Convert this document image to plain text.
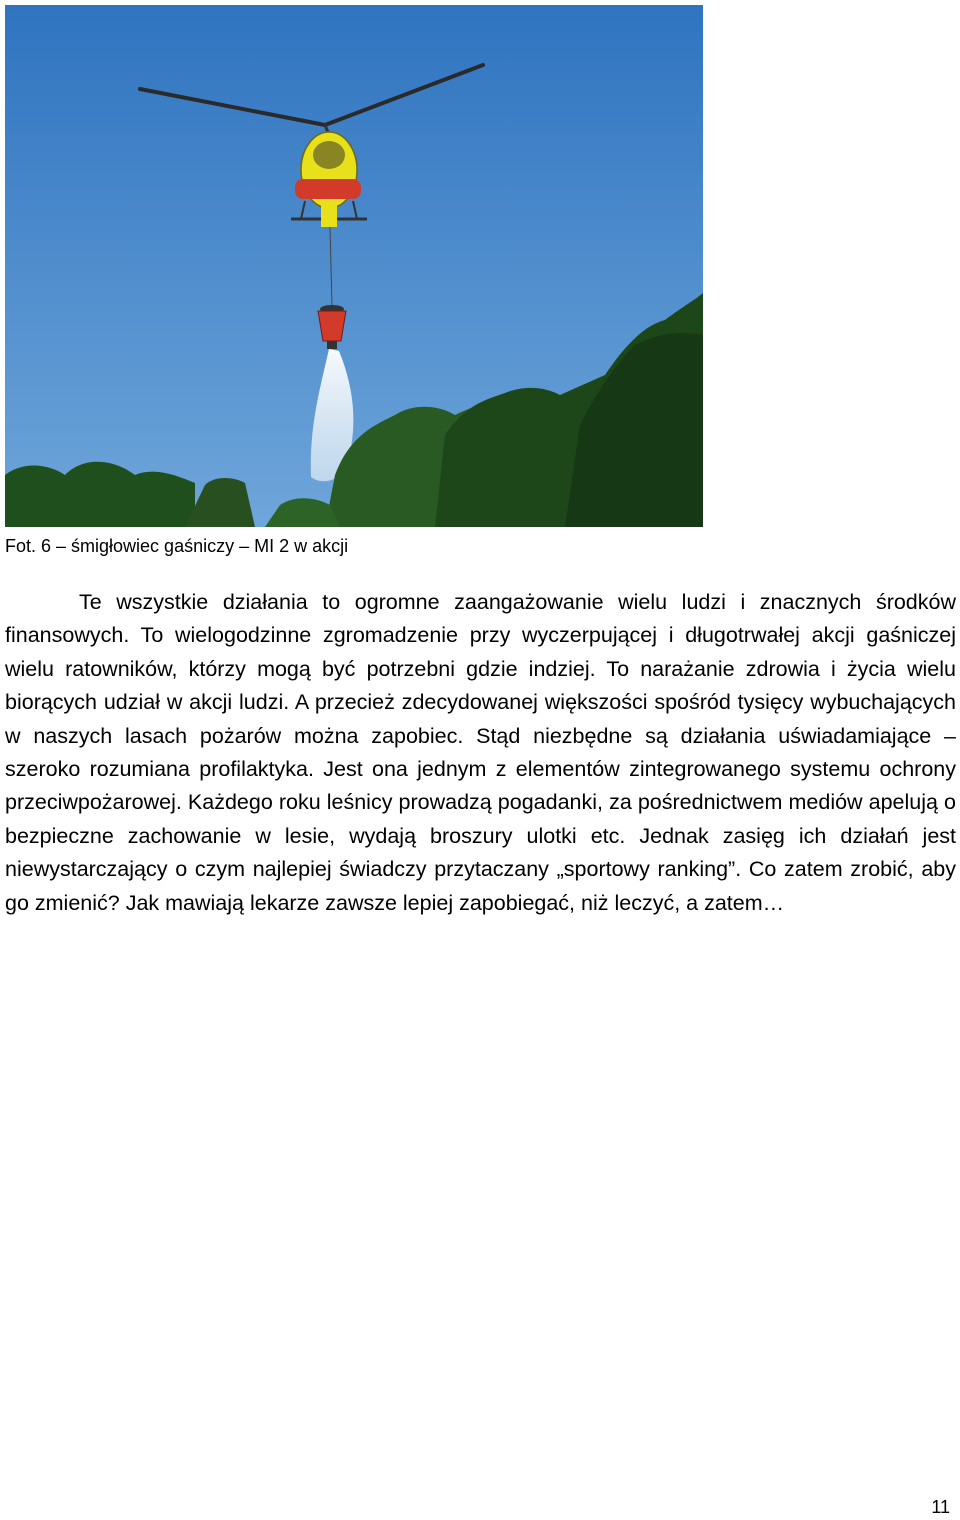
Fot. 6 – śmigłowiec gaśniczy – MI 2 w akcji

Te wszystkie działania to ogromne zaangażowanie wielu ludzi i znacznych środków finansowych. To wielogodzinne zgromadzenie przy wyczerpującej i długotrwałej akcji gaśniczej wielu ratowników, którzy mogą być potrzebni gdzie indziej. To narażanie zdrowia i życia wielu biorących udział w akcji ludzi. A przecież zdecydowanej większości spośród tysięcy wybuchających w naszych lasach pożarów można zapobiec. Stąd niezbędne są działania uświadamiające – szeroko rozumiana profilaktyka. Jest ona jednym z elementów zintegrowanego systemu ochrony przeciwpożarowej. Każdego roku leśnicy prowadzą pogadanki, za pośrednictwem mediów apelują o bezpieczne zachowanie w lesie, wydają broszury ulotki etc. Jednak zasięg ich działań jest niewystarczający o czym najlepiej świadczy przytaczany „sportowy ranking”. Co zatem zrobić, aby go zmienić? Jak mawiają lekarze zawsze lepiej zapobiegać, niż leczyć, a zatem…

11
